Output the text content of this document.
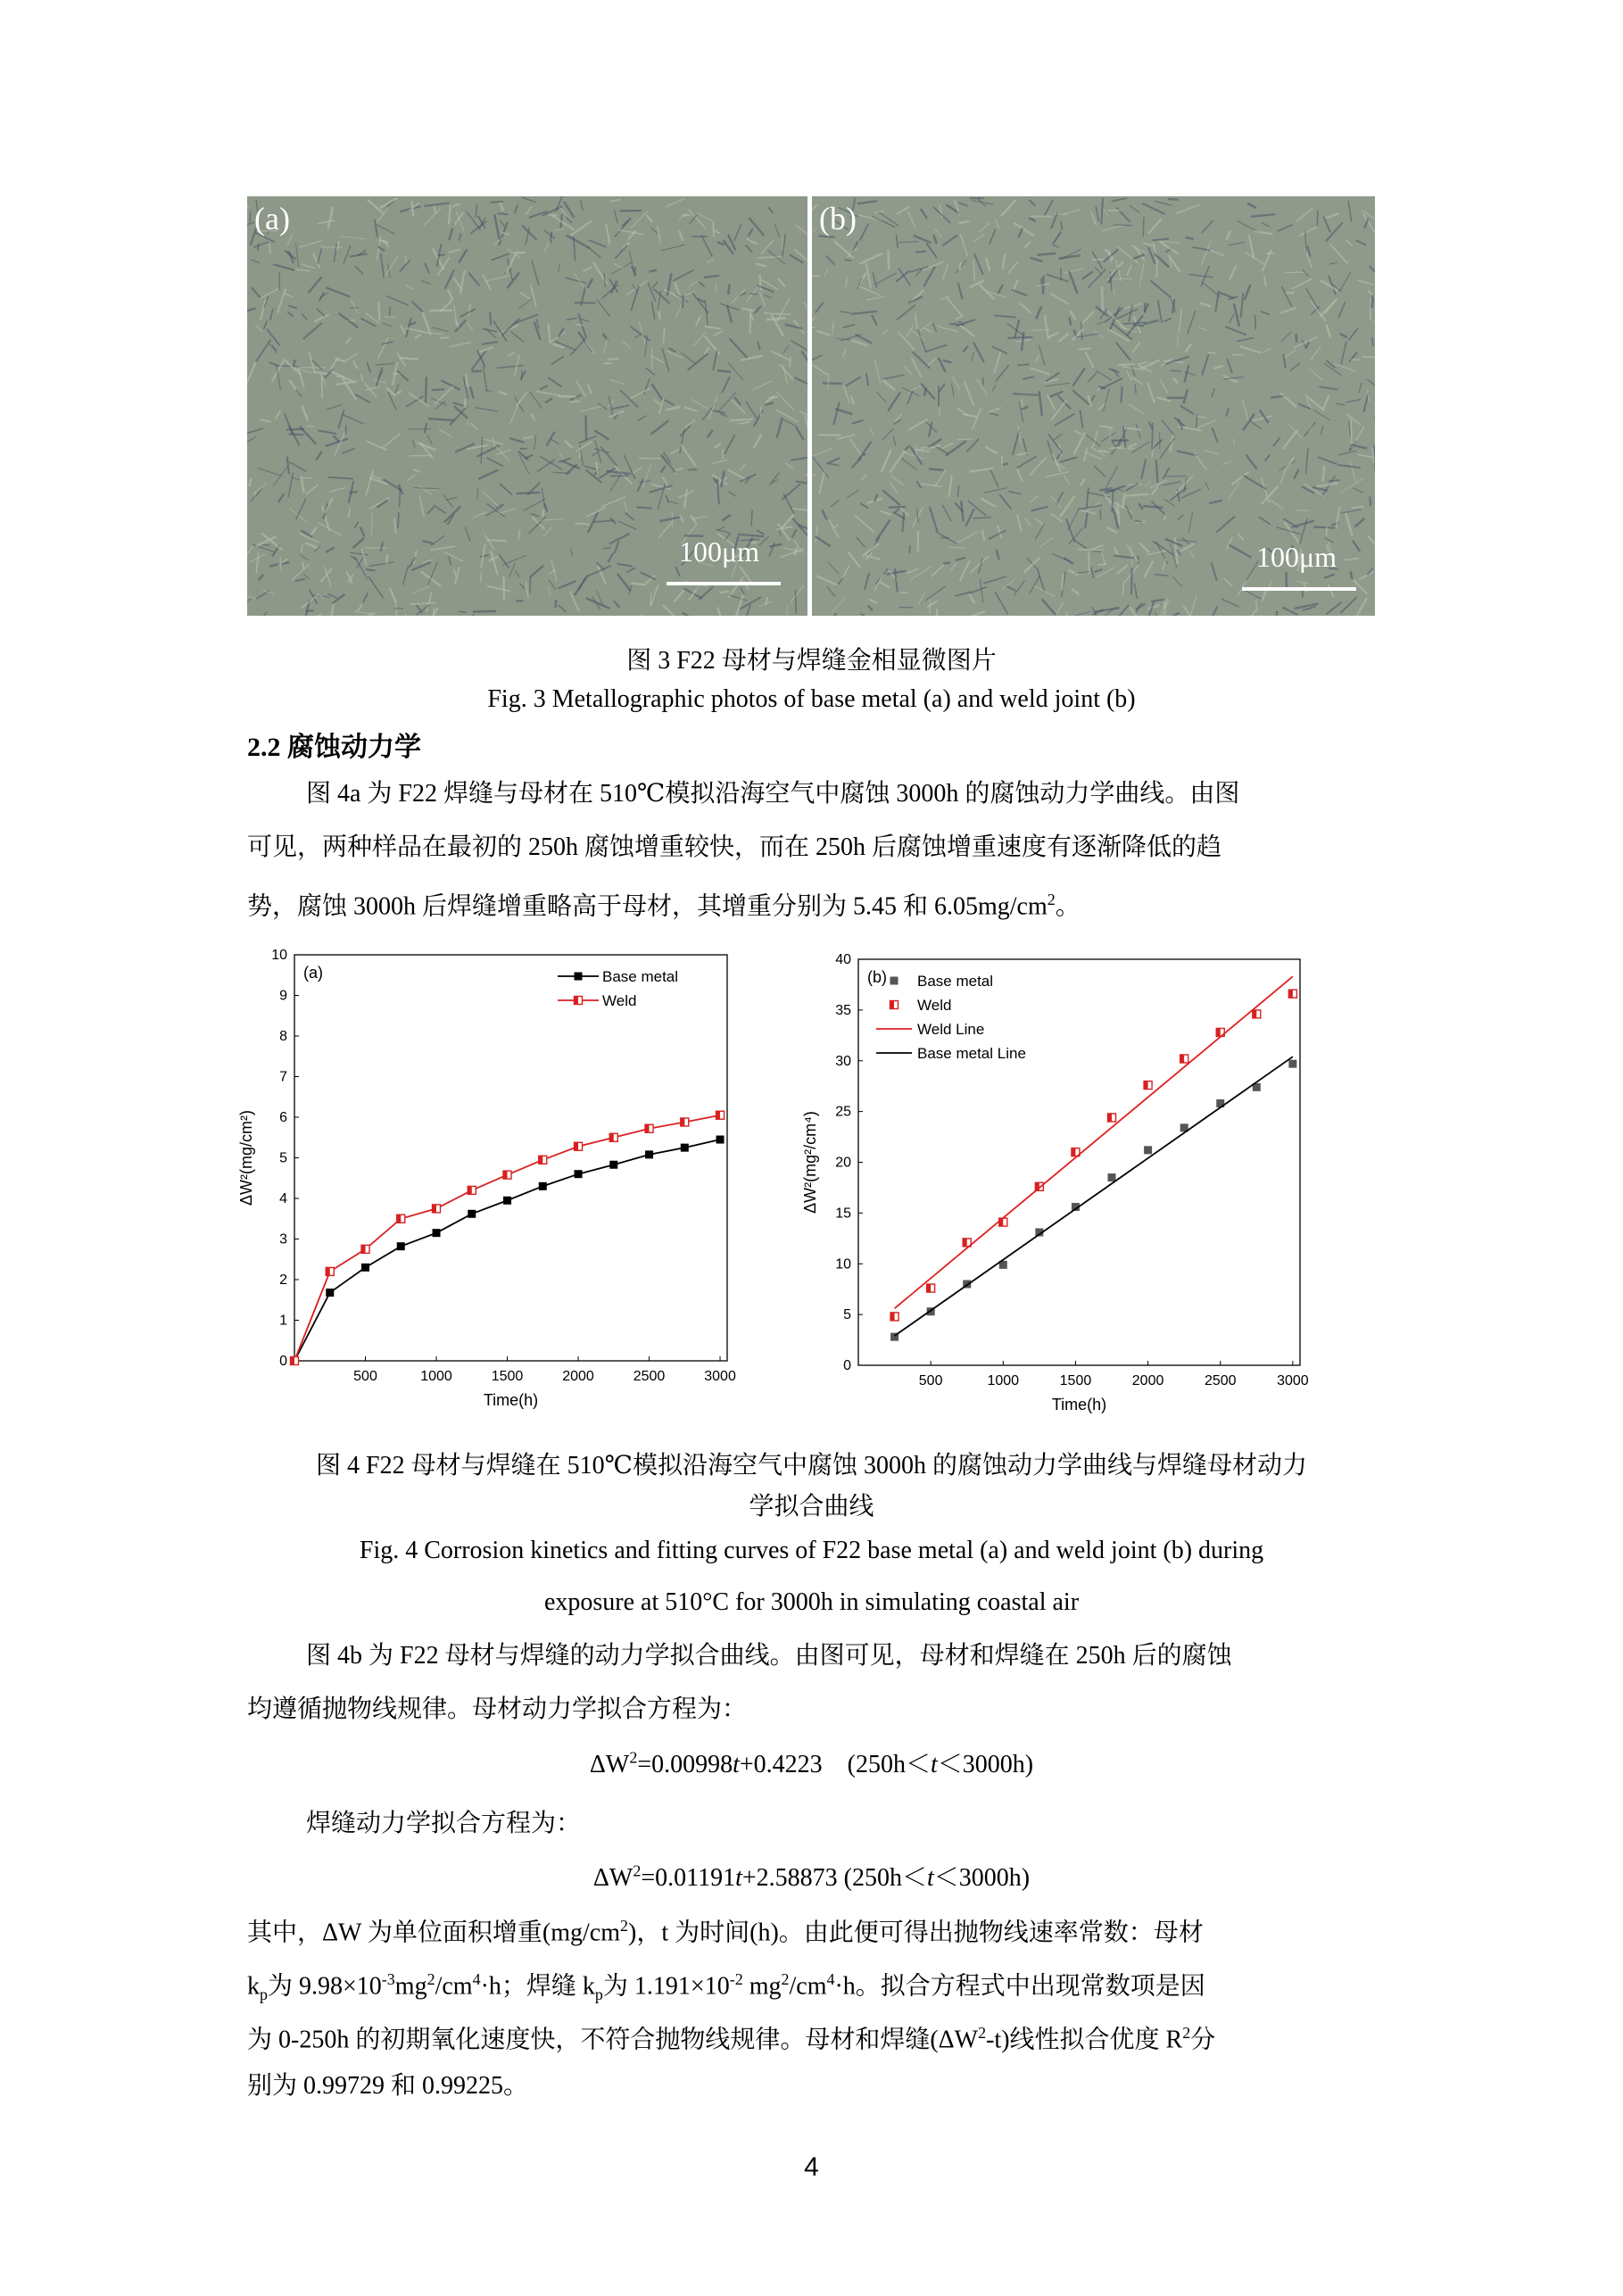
(a)
100μm
(b)
100μm
图 3 F22 母材与焊缝金相显微图片
Fig. 3 Metallographic photos of base metal (a) and weld joint (b)
2.2 腐蚀动力学
图 4a 为 F22 焊缝与母材在 510℃模拟沿海空气中腐蚀 3000h 的腐蚀动力学曲线。由图
可见，两种样品在最初的 250h 腐蚀增重较快，而在 250h 后腐蚀增重速度有逐渐降低的趋
势，腐蚀 3000h 后焊缝增重略高于母材，其增重分别为 5.45 和 $6.05mg/cm^2$。
0
1
2
3
4
5
6
7
8
9
10
500	1000	1500	2000	2500	3000
Time(h)
ΔW²(mg/cm²)
(a)	Base metal
Weld
0
5
10
15
20
25
30
35
40
500	1000	1500	2000	2500	3000
Time(h)
ΔW²(mg²/cm⁴)
(b) Base metal
Weld
Weld Line
Base metal Line
图 4 F22 母材与焊缝在 510℃模拟沿海空气中腐蚀 3000h 的腐蚀动力学曲线与焊缝母材动力
学拟合曲线
Fig. 4 Corrosion kinetics and fitting curves of F22 base metal (a) and weld joint (b) during
exposure at 510°C for 3000h in simulating coastal air
图 4b 为 F22 母材与焊缝的动力学拟合曲线。由图可见，母材和焊缝在 250h 后的腐蚀
均遵循抛物线规律。母材动力学拟合方程为：
$\Delta W^2=0.00998t+0.4223$　(250h＜t＜3000h)
焊缝动力学拟合方程为：
$\Delta W^2=0.01191t+2.58873$ (250h＜t＜3000h)
其中，ΔW 为单位面积增重$(mg/cm^2)$，t 为时间(h)。由此便可得出抛物线速率常数：母材
$k_p$为 $9.98\times 10^{-3}mg^2/cm^4\cdot h$；焊缝 $k_p$为 $1.191\times 10^{-2}$ $mg^2/cm^4\cdot h$。拟合方程式中出现常数项是因
为 0-250h 的初期氧化速度快，不符合抛物线规律。母材和焊缝$(\Delta W^2-t)$线性拟合优度 $R^2$分
别为 0.99729 和 0.99225。
4
